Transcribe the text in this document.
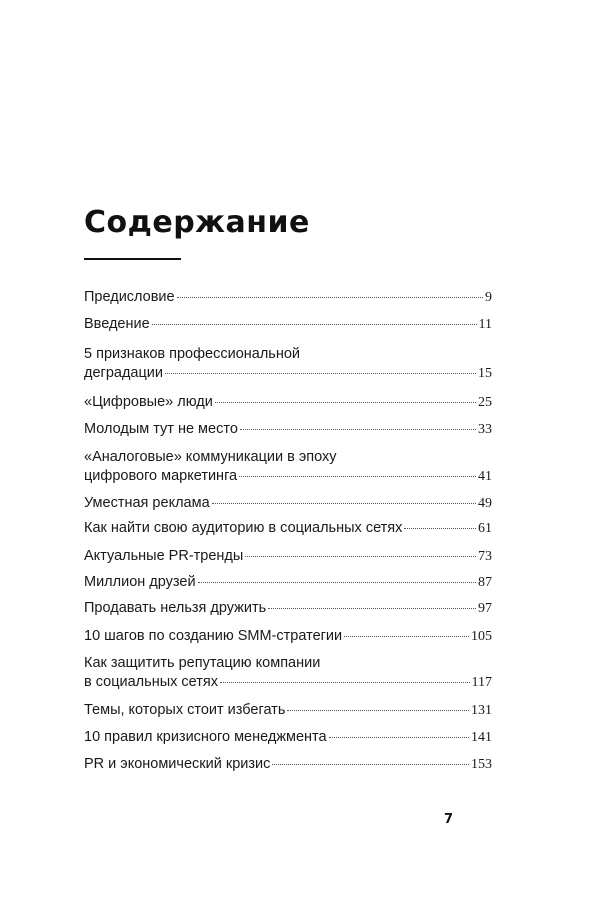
Содержание
Предисловие	9
Введение	11
5 признаков профессиональной
деградации	15
«Цифровые» люди	25
Молодым тут не место	33
«Аналоговые» коммуникации в эпоху
цифрового маркетинга	41
Уместная реклама	49
Как найти свою аудиторию в социальных сетях	61
Актуальные PR-тренды	73
Миллион друзей	87
Продавать нельзя дружить	97
10 шагов по созданию SMM-стратегии	105
Как защитить репутацию компании
в социальных сетях	117
Темы, которых стоит избегать	131
10 правил кризисного менеджмента	141
PR и экономический кризис	153
7
